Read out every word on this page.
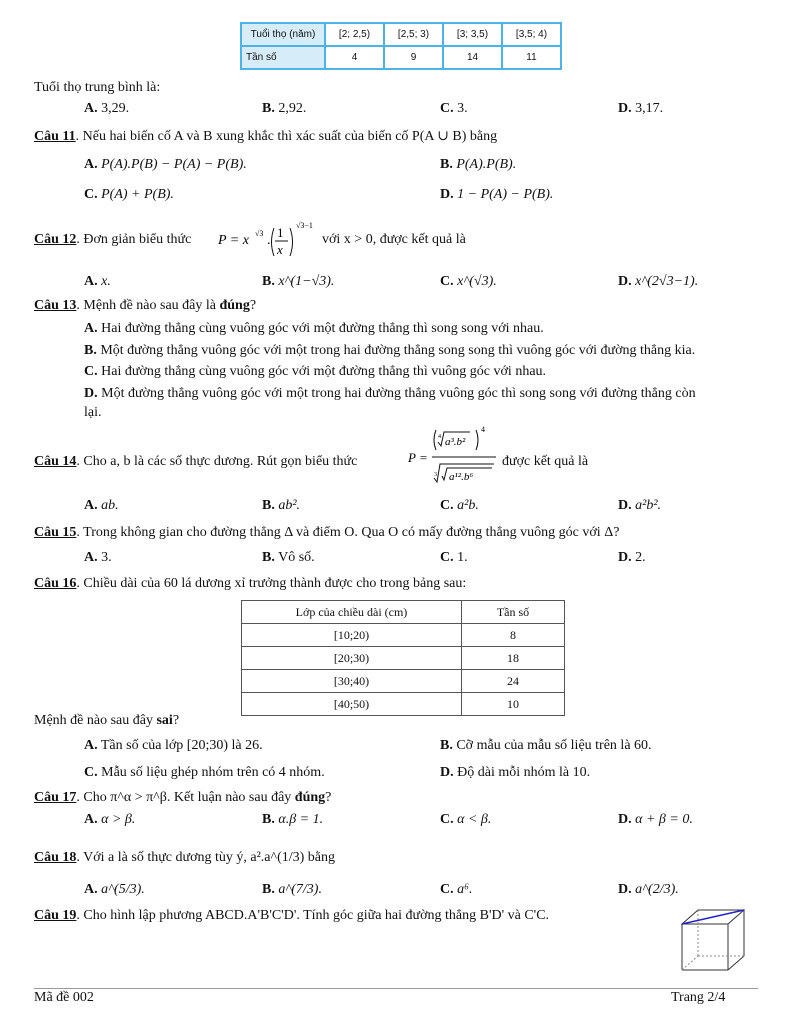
Tuổi thọ (năm)	[2; 2,5)	[2,5; 3)	[3; 3,5)	[3,5; 4)
Tần số	4	9	14	11
Tuổi thọ trung bình là:
A. 3,29.	B. 2,92.	C. 3.	D. 3,17.
Câu 11. Nếu hai biến cố A và B xung khắc thì xác suất của biến cố P(A ∪ B) bằng
A. P(A).P(B) − P(A) − P(B).	B. P(A).P(B).
C. P(A) + P(B).	D. 1 − P(A) − P(B).
Câu 12. Đơn giản biểu thức P = x √3 .
1
x
√3−1
với x > 0, được kết quả là
A. x.	B. x^(1−√3).	C. x^(√3).	D. x^(2√3−1).
Câu 13. Mệnh đề nào sau đây là đúng?
A. Hai đường thẳng cùng vuông góc với một đường thẳng thì song song với nhau.
B. Một đường thẳng vuông góc với một trong hai đường thẳng song song thì vuông góc với đường thẳng kia.
C. Hai đường thẳng cùng vuông góc với một đường thẳng thì vuông góc với nhau.
D. Một đường thẳng vuông góc với một trong hai đường thẳng vuông góc thì song song với đường thẳng còn
lại.
Câu 14. Cho a, b là các số thực dương. Rút gọn biểu thức	P =
4 a³.b²
4
3 a¹².b⁶
được kết quả là
A. ab.	B. ab².	C. a²b.	D. a²b².
Câu 15. Trong không gian cho đường thẳng Δ và điểm O. Qua O có mấy đường thẳng vuông góc với Δ?
A. 3.	B. Vô số.	C. 1.	D. 2.
Câu 16. Chiều dài của 60 lá dương xỉ trưởng thành được cho trong bảng sau:
Lớp của chiều dài (cm)	Tần số
[10;20)	8
[20;30)	18
[30;40)	24
[40;50)	10
Mệnh đề nào sau đây sai?
A. Tần số của lớp [20;30) là 26.	B. Cỡ mẫu của mẫu số liệu trên là 60.
C. Mẫu số liệu ghép nhóm trên có 4 nhóm.	D. Độ dài mỗi nhóm là 10.
Câu 17. Cho π^α > π^β. Kết luận nào sau đây đúng?
A. α > β.	B. α.β = 1.	C. α < β.	D. α + β = 0.
Câu 18. Với a là số thực dương tùy ý, a².a^(1/3) bằng
A. a^(5/3).	B. a^(7/3).	C. a⁶.	D. a^(2/3).
Câu 19. Cho hình lập phương ABCD.A'B'C'D'. Tính góc giữa hai đường thẳng B'D' và C'C.
Mã đề 002	Trang 2/4
